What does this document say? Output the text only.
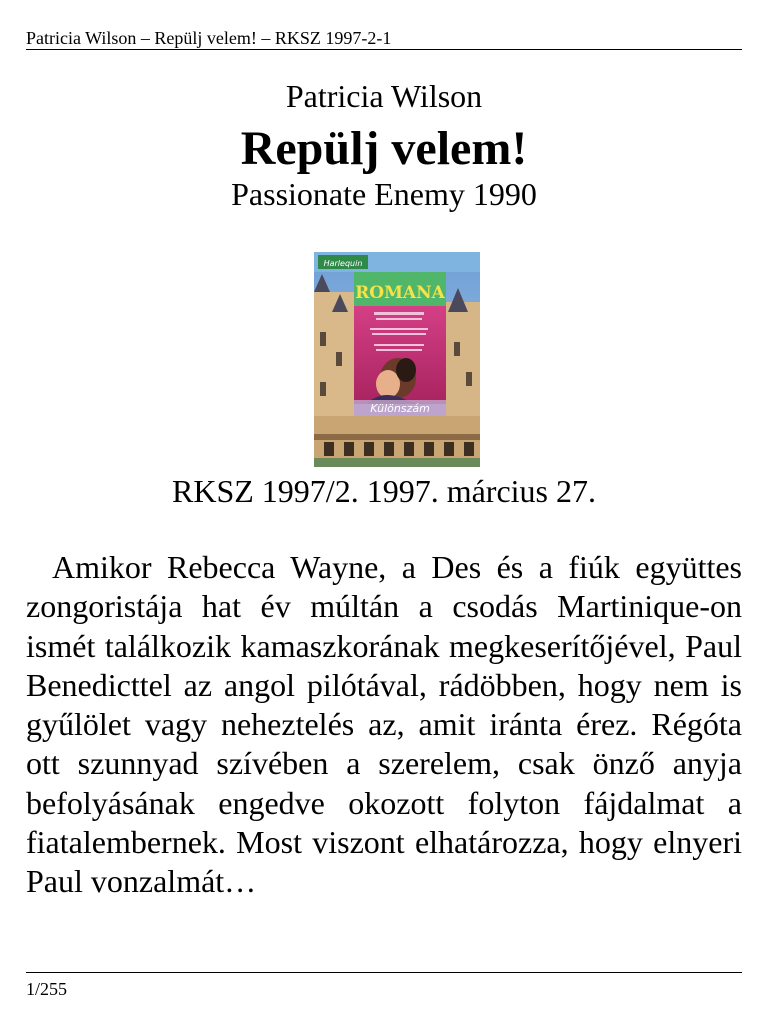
Patricia Wilson – Repülj velem! – RKSZ 1997-2-1
Patricia Wilson
Repülj velem!
Passionate Enemy 1990
Harlequin
ROMANA
Különszám
RKSZ 1997/2. 1997. március 27.

Amikor Rebecca Wayne, a Des és a fiúk együttes zongoristája hat év múltán a csodás Martinique-on ismét találkozik kamaszkorának megkeserítőjével, Paul Benedicttel az angol pilótával, rádöbben, hogy nem is gyűlölet vagy neheztelés az, amit iránta érez. Régóta ott szunnyad szívében a szerelem, csak önző anyja befolyásának engedve okozott folyton fájdalmat a fiatalembernek. Most viszont elhatározza, hogy elnyeri Paul vonzalmát…

1/255
